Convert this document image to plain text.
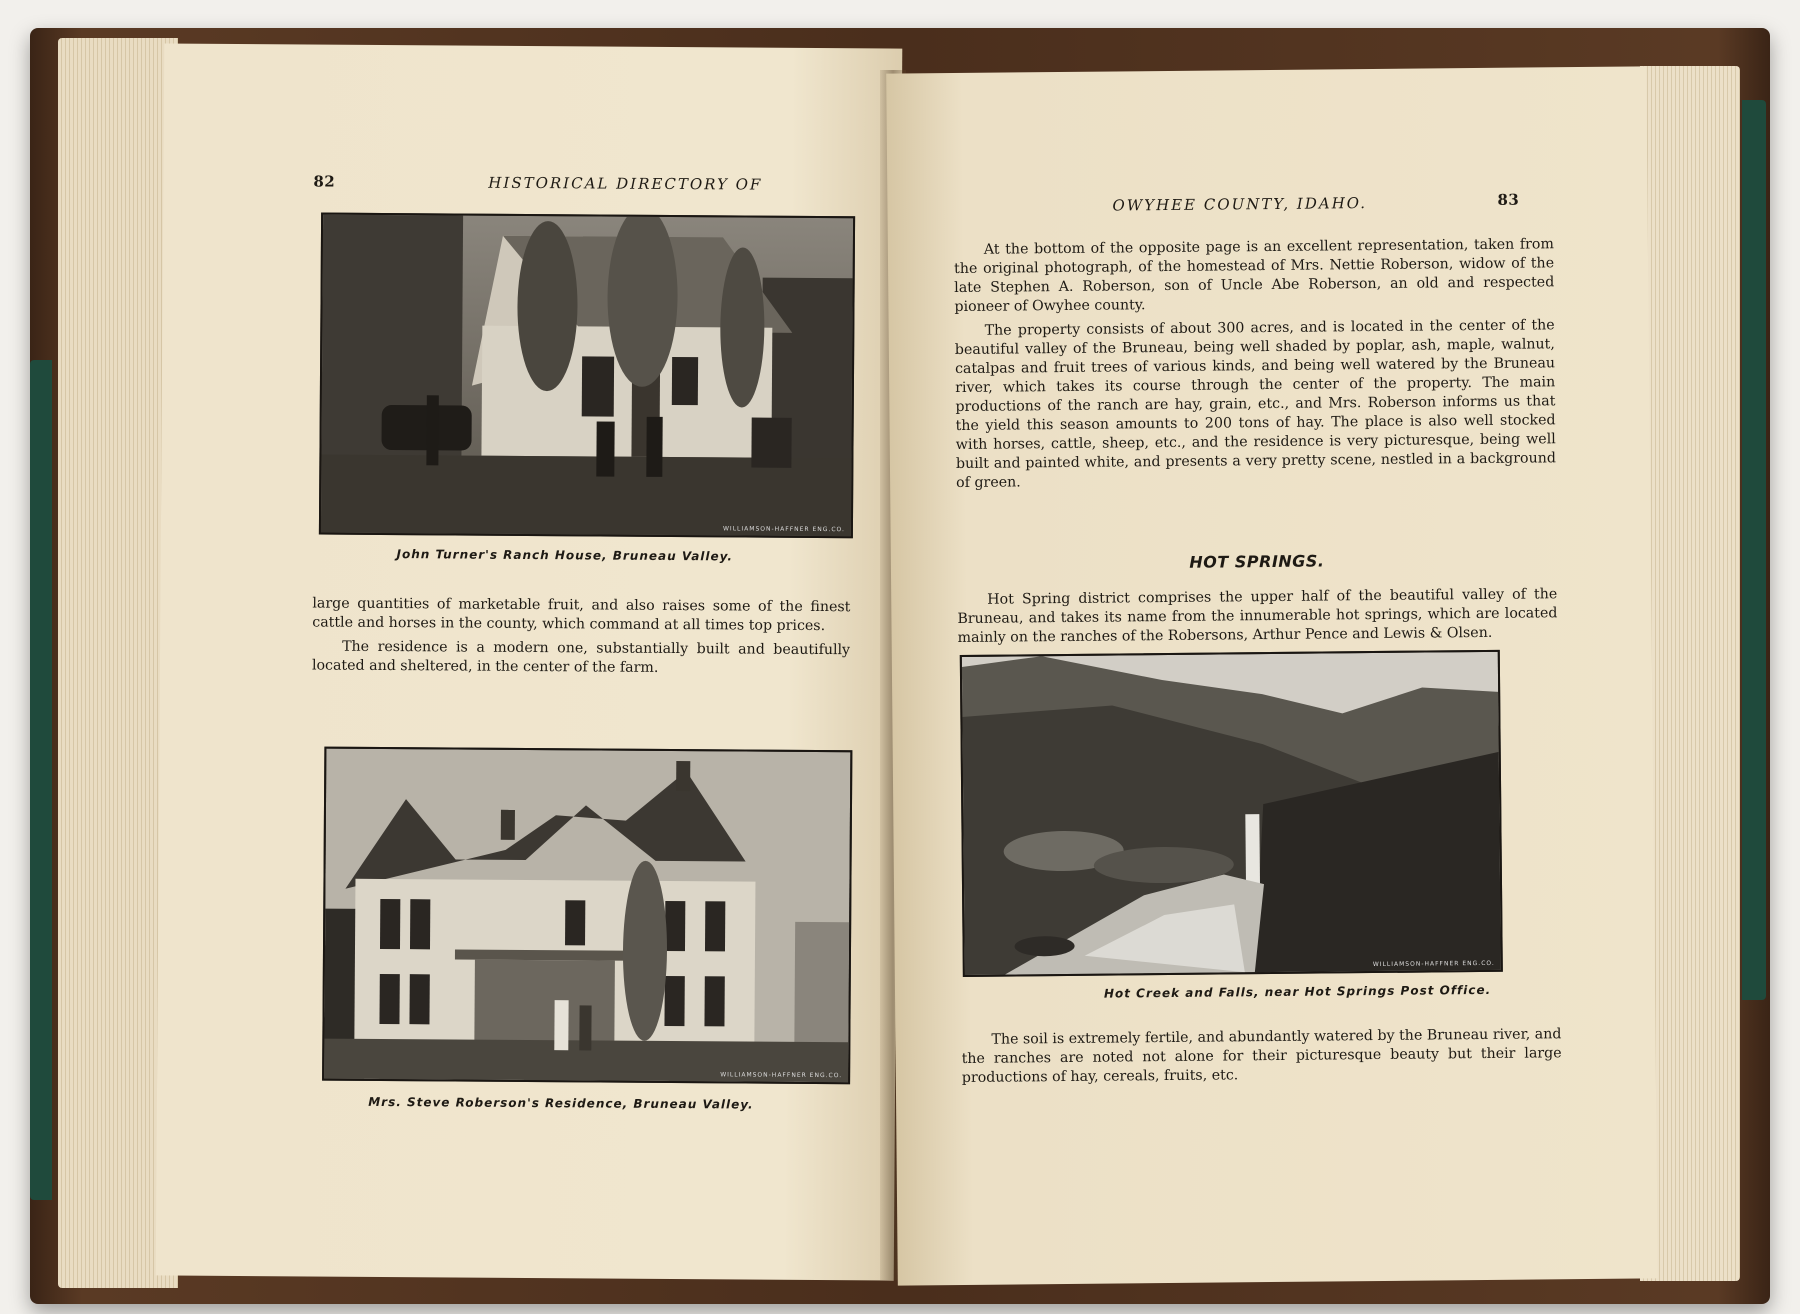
82	HISTORICAL DIRECTORY OF
WILLIAMSON-HAFFNER ENG.CO.
John Turner's Ranch House, Bruneau Valley.

large quantities of marketable fruit, and also raises some of the finest cattle and horses in the county, which command at all times top prices.

The residence is a modern one, substantially built and beautifully located and sheltered, in the center of the farm.

WILLIAMSON-HAFFNER ENG.CO.
Mrs. Steve Roberson's Residence, Bruneau Valley.
OWYHEE COUNTY, IDAHO.	83

At the bottom of the opposite page is an excellent representation, taken from the original photograph, of the homestead of Mrs. Nettie Roberson, widow of the late Stephen A. Roberson, son of Uncle Abe Roberson, an old and respected pioneer of Owyhee county.

The property consists of about 300 acres, and is located in the center of the beautiful valley of the Bruneau, being well shaded by poplar, ash, maple, walnut, catalpas and fruit trees of various kinds, and being well watered by the Bruneau river, which takes its course through the center of the property. The main productions of the ranch are hay, grain, etc., and Mrs. Roberson informs us that the yield this season amounts to 200 tons of hay. The place is also well stocked with horses, cattle, sheep, etc., and the residence is very picturesque, being well built and painted white, and presents a very pretty scene, nestled in a background of green.

HOT SPRINGS.

Hot Spring district comprises the upper half of the beautiful valley of the Bruneau, and takes its name from the innumerable hot springs, which are located mainly on the ranches of the Robersons, Arthur Pence and Lewis & Olsen.

WILLIAMSON-HAFFNER ENG.CO.
Hot Creek and Falls, near Hot Springs Post Office.

The soil is extremely fertile, and abundantly watered by the Bruneau river, and the ranches are noted not alone for their picturesque beauty but their large productions of hay, cereals, fruits, etc.
